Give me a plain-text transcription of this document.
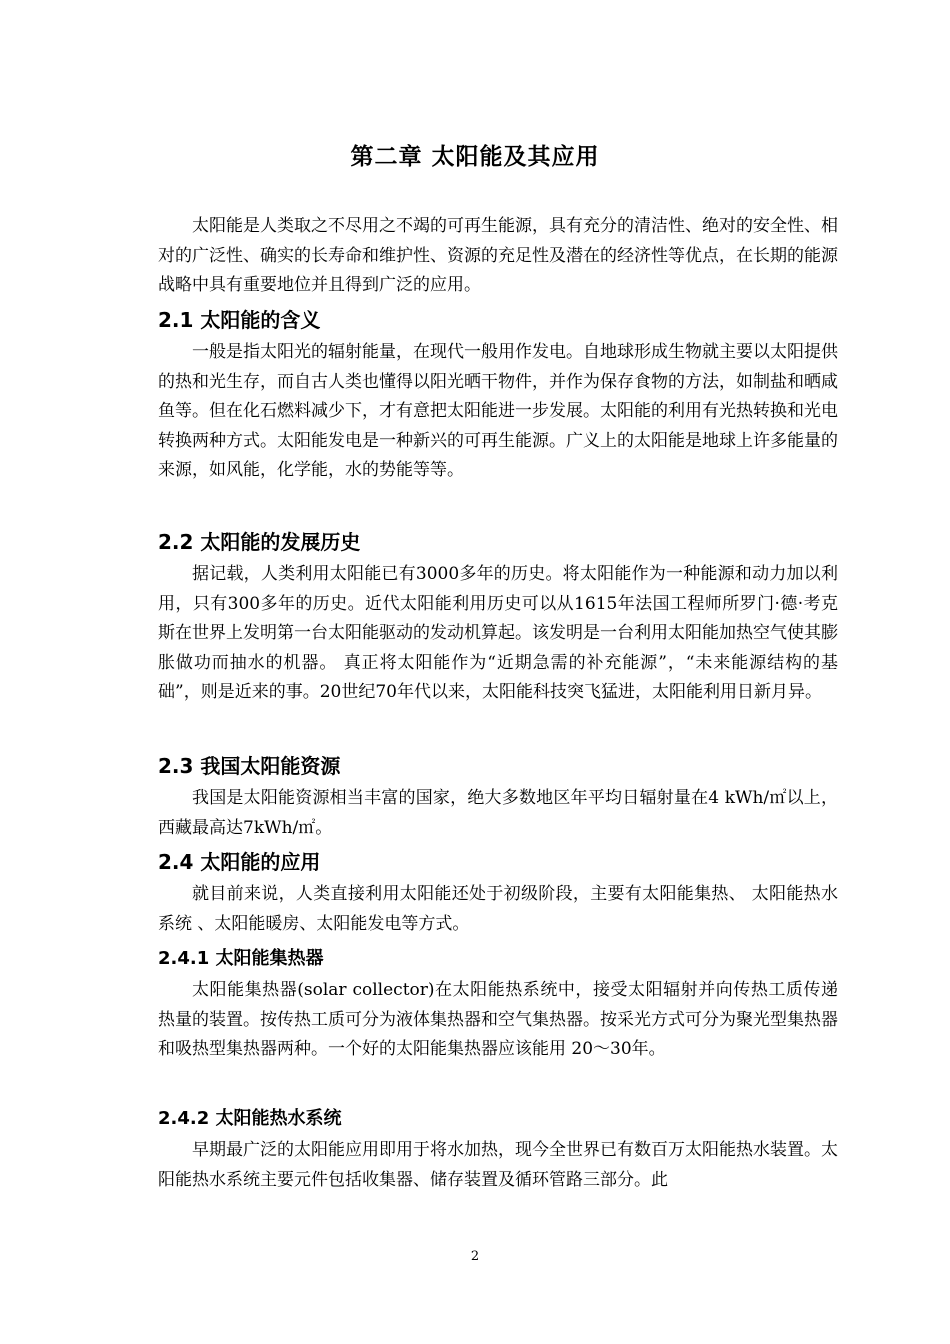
第二章 太阳能及其应用

太阳能是人类取之不尽用之不竭的可再生能源，具有充分的清洁性、绝对的安全性、相对的广泛性、确实的长寿命和维护性、资源的充足性及潜在的经济性等优点，在长期的能源战略中具有重要地位并且得到广泛的应用。

2.1 太阳能的含义

一般是指太阳光的辐射能量，在现代一般用作发电。自地球形成生物就主要以太阳提供的热和光生存，而自古人类也懂得以阳光晒干物件，并作为保存食物的方法，如制盐和晒咸鱼等。但在化石燃料减少下，才有意把太阳能进一步发展。太阳能的利用有光热转换和光电转换两种方式。太阳能发电是一种新兴的可再生能源。广义上的太阳能是地球上许多能量的来源，如风能，化学能，水的势能等等。

2.2 太阳能的发展历史

据记载，人类利用太阳能已有3000多年的历史。将太阳能作为一种能源和动力加以利用，只有300多年的历史。近代太阳能利用历史可以从1615年法国工程师所罗门·德·考克斯在世界上发明第一台太阳能驱动的发动机算起。该发明是一台利用太阳能加热空气使其膨胀做功而抽水的机器。 真正将太阳能作为“近期急需的补充能源”，“未来能源结构的基础”，则是近来的事。20世纪70年代以来，太阳能科技突飞猛进，太阳能利用日新月异。

2.3 我国太阳能资源

我国是太阳能资源相当丰富的国家，绝大多数地区年平均日辐射量在4 kWh/㎡以上，西藏最高达7kWh/㎡。

2.4 太阳能的应用

就目前来说，人类直接利用太阳能还处于初级阶段，主要有太阳能集热、 太阳能热水系统 、太阳能暖房、太阳能发电等方式。

2.4.1 太阳能集热器

太阳能集热器(solar collector)在太阳能热系统中，接受太阳辐射并向传热工质传递热量的装置。按传热工质可分为液体集热器和空气集热器。按采光方式可分为聚光型集热器和吸热型集热器两种。一个好的太阳能集热器应该能用 20～30年。

2.4.2 太阳能热水系统

早期最广泛的太阳能应用即用于将水加热，现今全世界已有数百万太阳能热水装置。太阳能热水系统主要元件包括收集器、储存装置及循环管路三部分。此

2
